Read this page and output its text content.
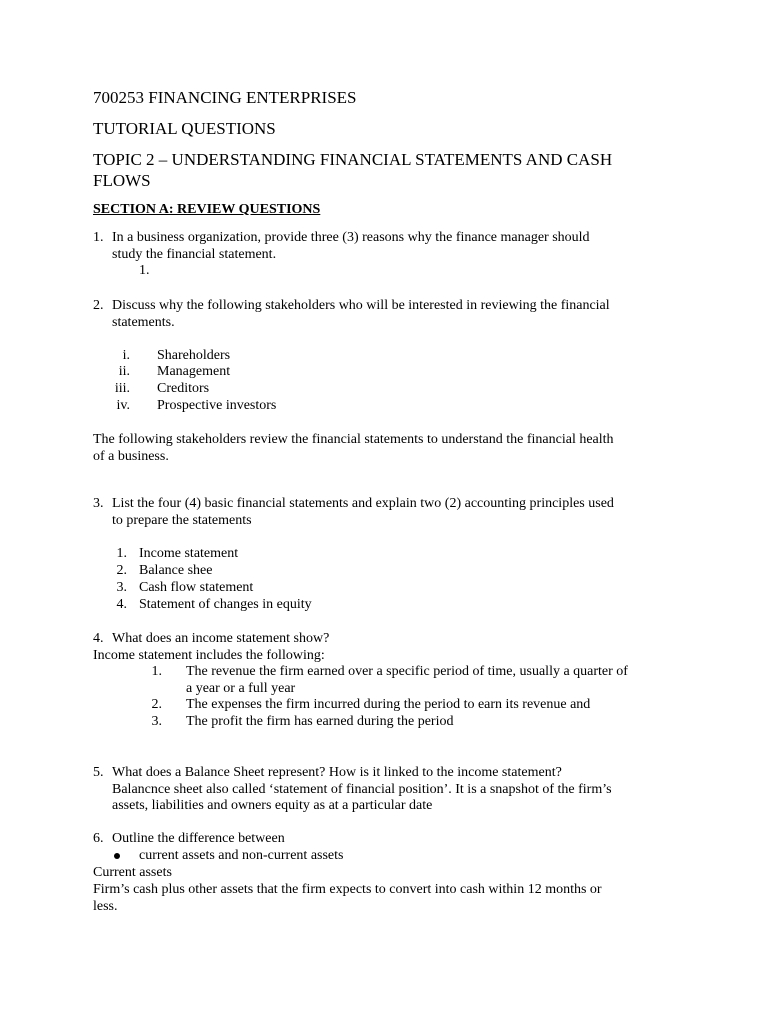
700253 FINANCING ENTERPRISES
TUTORIAL QUESTIONS
TOPIC 2 – UNDERSTANDING FINANCIAL STATEMENTS AND CASH
FLOWS
SECTION A: REVIEW QUESTIONS
1. In a business organization, provide three (3) reasons why the finance manager should
study the financial statement.
1.
2. Discuss why the following stakeholders who will be interested in reviewing the financial
statements.
i. Shareholders
ii. Management
iii. Creditors
iv. Prospective investors
The following stakeholders review the financial statements to understand the financial health
of a business.
3. List the four (4) basic financial statements and explain two (2) accounting principles used
to prepare the statements
1. Income statement
2. Balance shee
3. Cash flow statement
4. Statement of changes in equity
4. What does an income statement show?
Income statement includes the following:
1. The revenue the firm earned over a specific period of time, usually a quarter of
a year or a full year
2. The expenses the firm incurred during the period to earn its revenue and
3. The profit the firm has earned during the period
5. What does a Balance Sheet represent? How is it linked to the income statement?
Balancnce sheet also called ‘statement of financial position’. It is a snapshot of the firm’s
assets, liabilities and owners equity as at a particular date
6. Outline the difference between
current assets and non-current assets
Current assets
Firm’s cash plus other assets that the firm expects to convert into cash within 12 months or
less.
